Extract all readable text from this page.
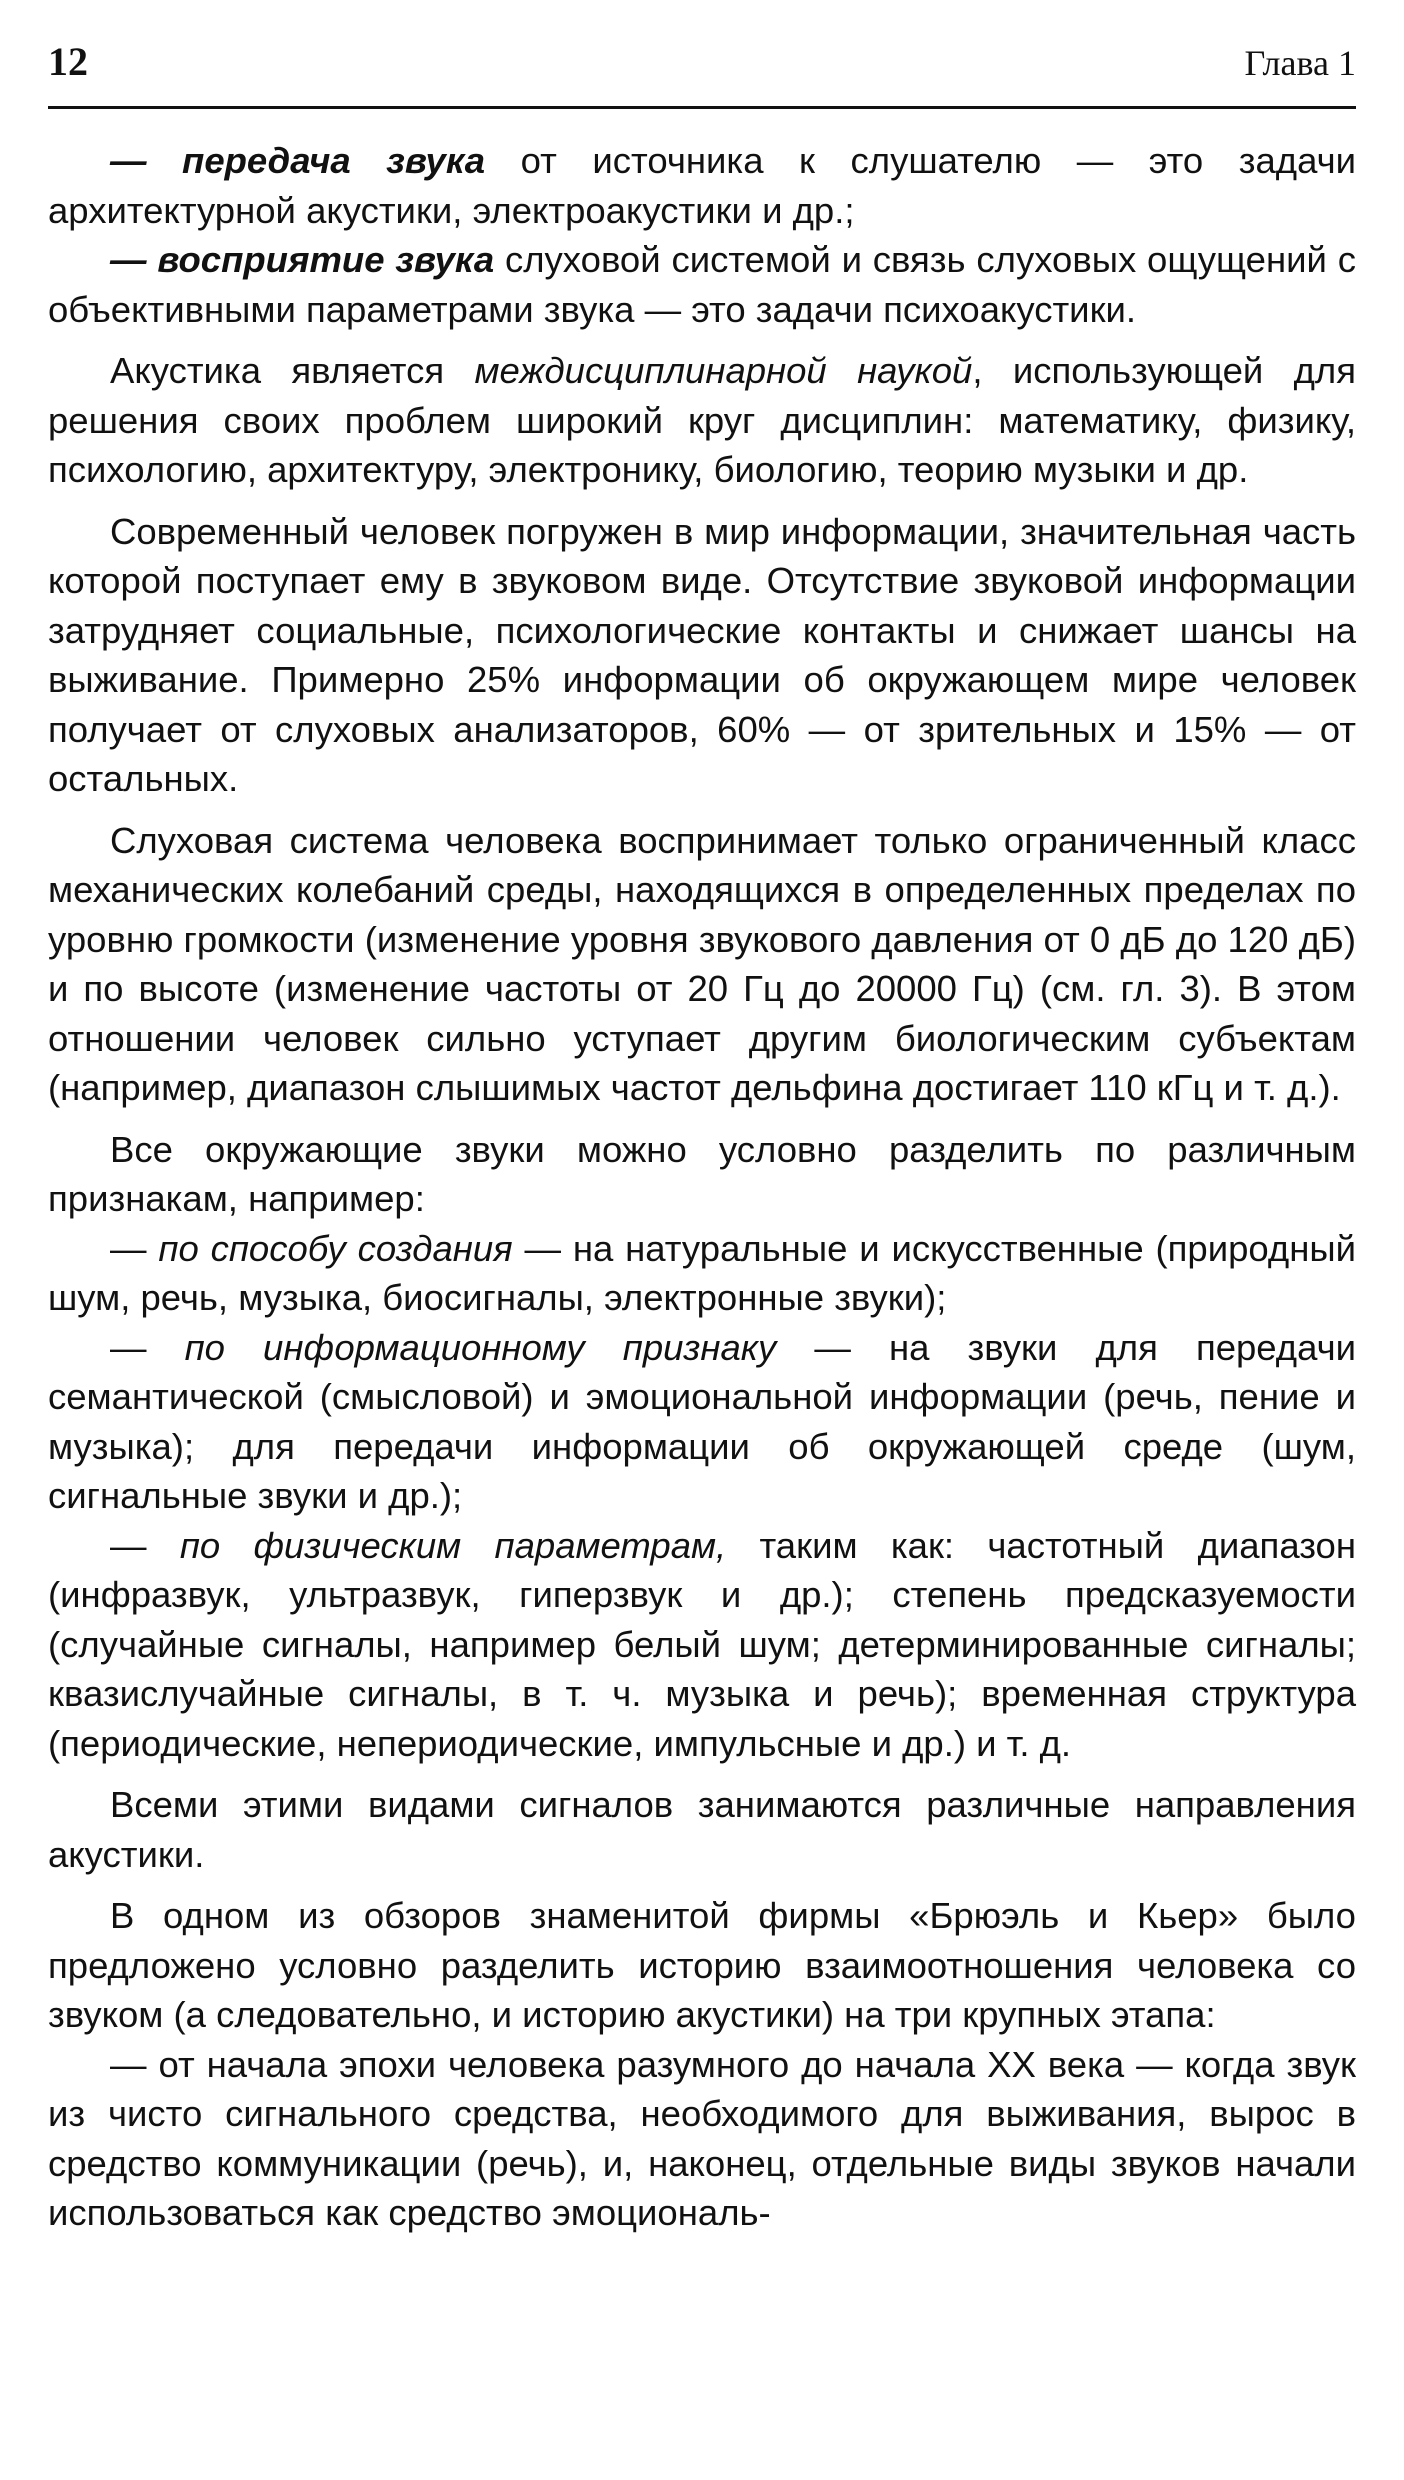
12	Глава 1

— передача звука от источника к слушателю — это задачи архитектурной акустики, электроакустики и др.;

— восприятие звука слуховой системой и связь слуховых ощущений с объективными параметрами звука — это задачи психоакустики.

Акустика является междисциплинарной наукой, использующей для решения своих проблем широкий круг дисциплин: математику, физику, психологию, архитектуру, электронику, биологию, теорию музыки и др.

Современный человек погружен в мир информации, значительная часть которой поступает ему в звуковом виде. Отсутствие звуковой информации затрудняет социальные, психологические контакты и снижает шансы на выживание. Примерно 25% информации об окружающем мире человек получает от слуховых анализаторов, 60% — от зрительных и 15% — от остальных.

Слуховая система человека воспринимает только ограниченный класс механических колебаний среды, находящихся в определенных пределах по уровню громкости (изменение уровня звукового давления от 0 дБ до 120 дБ) и по высоте (изменение частоты от 20 Гц до 20000 Гц) (см. гл. 3). В этом отношении человек сильно уступает другим биологическим субъектам (например, диапазон слышимых частот дельфина достигает 110 кГц и т. д.).

Все окружающие звуки можно условно разделить по различным признакам, например:

— по способу создания — на натуральные и искусственные (природный шум, речь, музыка, биосигналы, электронные звуки);

— по информационному признаку — на звуки для передачи семантической (смысловой) и эмоциональной информации (речь, пение и музыка); для передачи информации об окружающей среде (шум, сигнальные звуки и др.);

— по физическим параметрам, таким как: частотный диапазон (инфразвук, ультразвук, гиперзвук и др.); степень предсказуемости (случайные сигналы, например белый шум; детерминированные сигналы; квазислучайные сигналы, в т. ч. музыка и речь); временная структура (периодические, непериодические, импульсные и др.) и т. д.

Всеми этими видами сигналов занимаются различные направления акустики.

В одном из обзоров знаменитой фирмы «Брюэль и Кьер» было предложено условно разделить историю взаимоотношения человека со звуком (а следовательно, и историю акустики) на три крупных этапа:

— от начала эпохи человека разумного до начала XX века — когда звук из чисто сигнального средства, необходимого для выживания, вырос в средство коммуникации (речь), и, наконец, отдельные виды звуков начали использоваться как средство эмоциональ-
